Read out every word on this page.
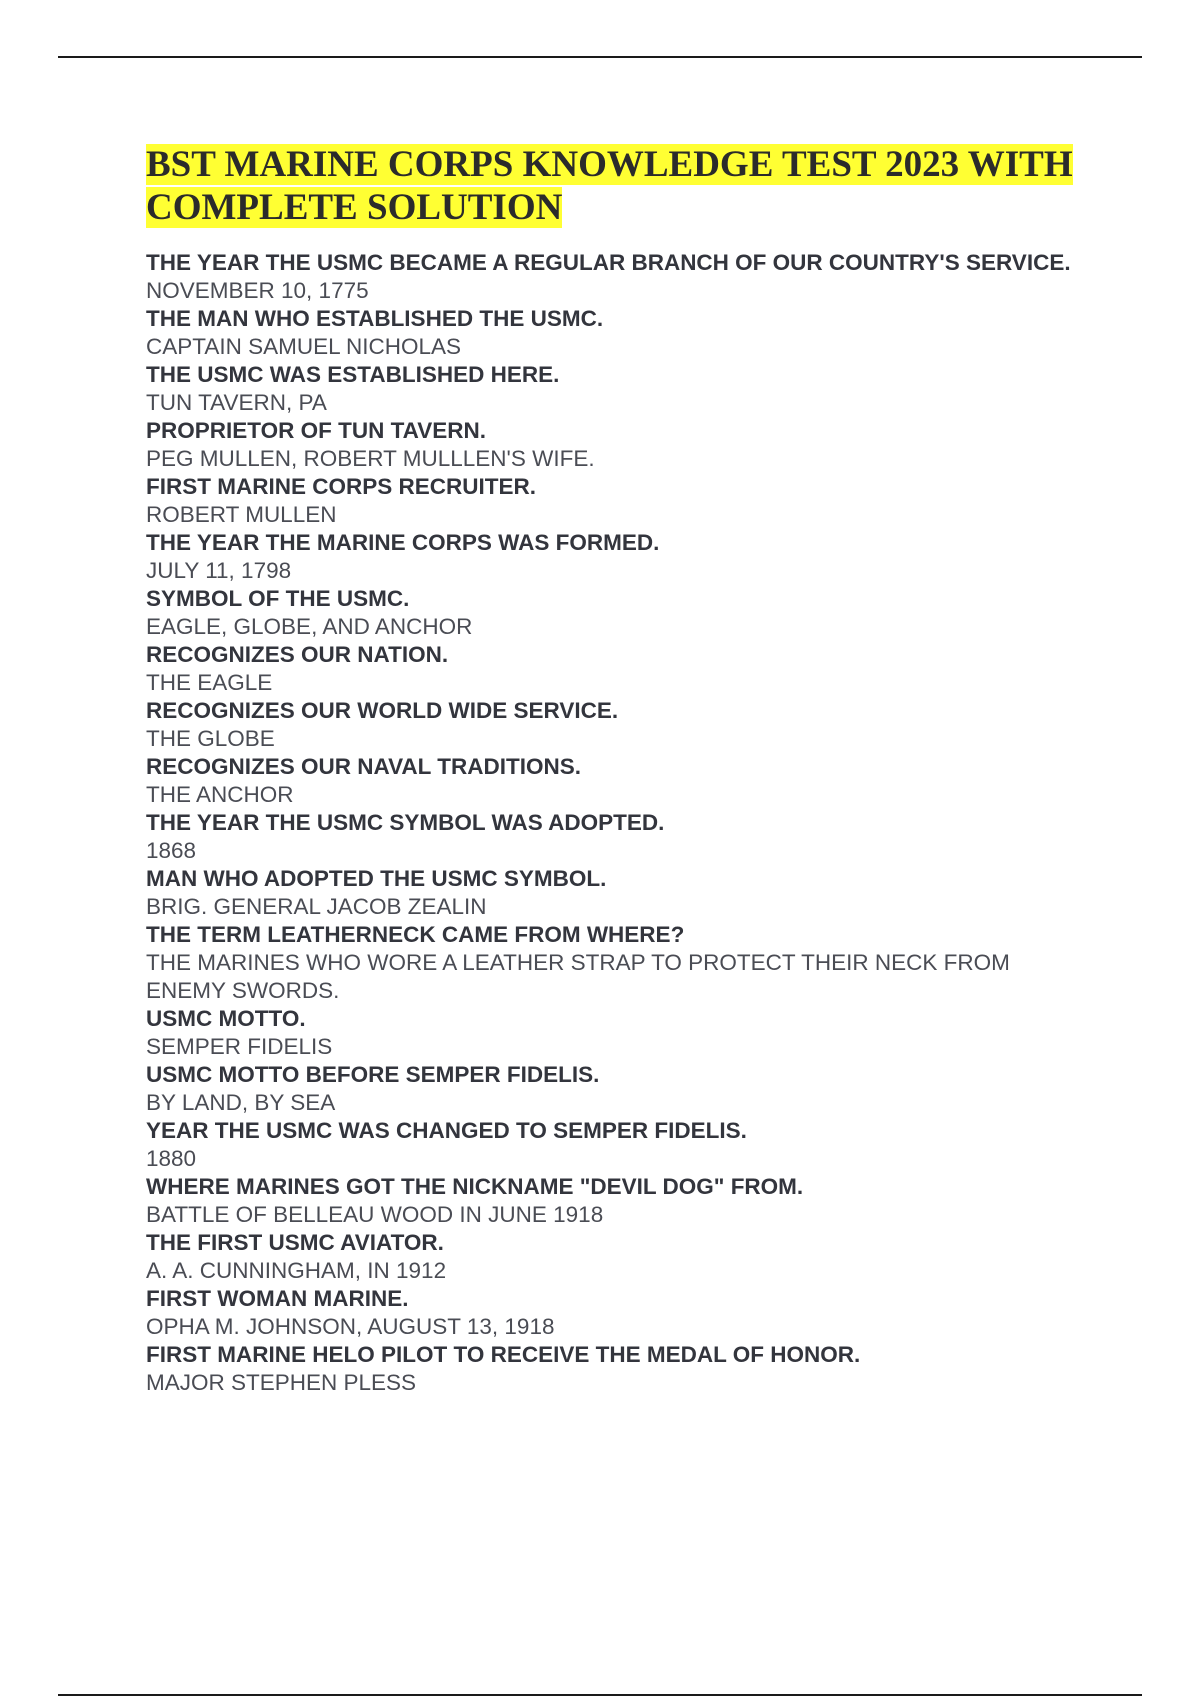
BST MARINE CORPS KNOWLEDGE TEST 2023 WITH COMPLETE SOLUTION

THE YEAR THE USMC BECAME A REGULAR BRANCH OF OUR COUNTRY'S SERVICE.

NOVEMBER 10, 1775

THE MAN WHO ESTABLISHED THE USMC.

CAPTAIN SAMUEL NICHOLAS

THE USMC WAS ESTABLISHED HERE.

TUN TAVERN, PA

PROPRIETOR OF TUN TAVERN.

PEG MULLEN, ROBERT MULLLEN'S WIFE.

FIRST MARINE CORPS RECRUITER.

ROBERT MULLEN

THE YEAR THE MARINE CORPS WAS FORMED.

JULY 11, 1798

SYMBOL OF THE USMC.

EAGLE, GLOBE, AND ANCHOR

RECOGNIZES OUR NATION.

THE EAGLE

RECOGNIZES OUR WORLD WIDE SERVICE.

THE GLOBE

RECOGNIZES OUR NAVAL TRADITIONS.

THE ANCHOR

THE YEAR THE USMC SYMBOL WAS ADOPTED.

1868

MAN WHO ADOPTED THE USMC SYMBOL.

BRIG. GENERAL JACOB ZEALIN

THE TERM LEATHERNECK CAME FROM WHERE?

THE MARINES WHO WORE A LEATHER STRAP TO PROTECT THEIR NECK FROM ENEMY SWORDS.

USMC MOTTO.

SEMPER FIDELIS

USMC MOTTO BEFORE SEMPER FIDELIS.

BY LAND, BY SEA

YEAR THE USMC WAS CHANGED TO SEMPER FIDELIS.

1880

WHERE MARINES GOT THE NICKNAME "DEVIL DOG" FROM.

BATTLE OF BELLEAU WOOD IN JUNE 1918

THE FIRST USMC AVIATOR.

A. A. CUNNINGHAM, IN 1912

FIRST WOMAN MARINE.

OPHA M. JOHNSON, AUGUST 13, 1918

FIRST MARINE HELO PILOT TO RECEIVE THE MEDAL OF HONOR.

MAJOR STEPHEN PLESS
